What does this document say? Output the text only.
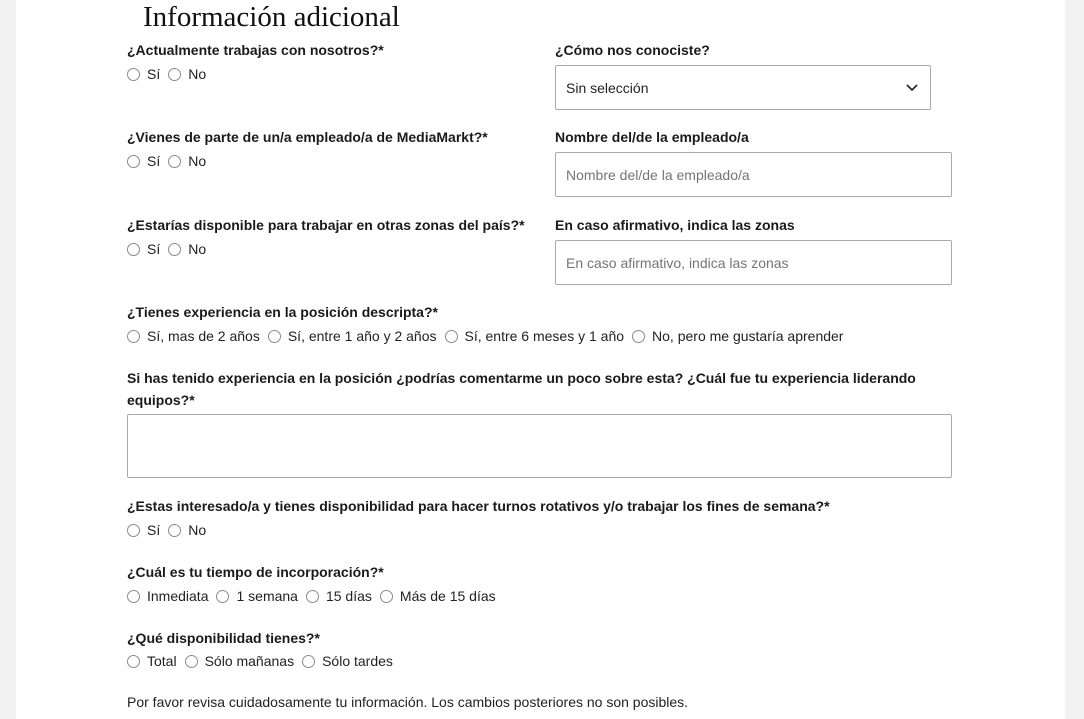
Información adicional
¿Actualmente trabajas con nosotros?*
Sí No
¿Cómo nos conociste?
Sin selección
¿Vienes de parte de un/a empleado/a de MediaMarkt?*
Sí No
Nombre del/de la empleado/a
Nombre del/de la empleado/a
¿Estarías disponible para trabajar en otras zonas del país?*
Sí No
En caso afirmativo, indica las zonas
En caso afirmativo, indica las zonas
¿Tienes experiencia en la posición descripta?*
Sí, mas de 2 años Sí, entre 1 año y 2 años Sí, entre 6 meses y 1 año No, pero me gustaría aprender
Si has tenido experiencia en la posición ¿podrías comentarme un poco sobre esta? ¿Cuál fue tu experiencia liderando equipos?*
¿Estas interesado/a y tienes disponibilidad para hacer turnos rotativos y/o trabajar los fines de semana?*
Sí No
¿Cuál es tu tiempo de incorporación?*
Inmediata 1 semana 15 días Más de 15 días
¿Qué disponibilidad tienes?*
Total Sólo mañanas Sólo tardes
Por favor revisa cuidadosamente tu información. Los cambios posteriores no son posibles.
